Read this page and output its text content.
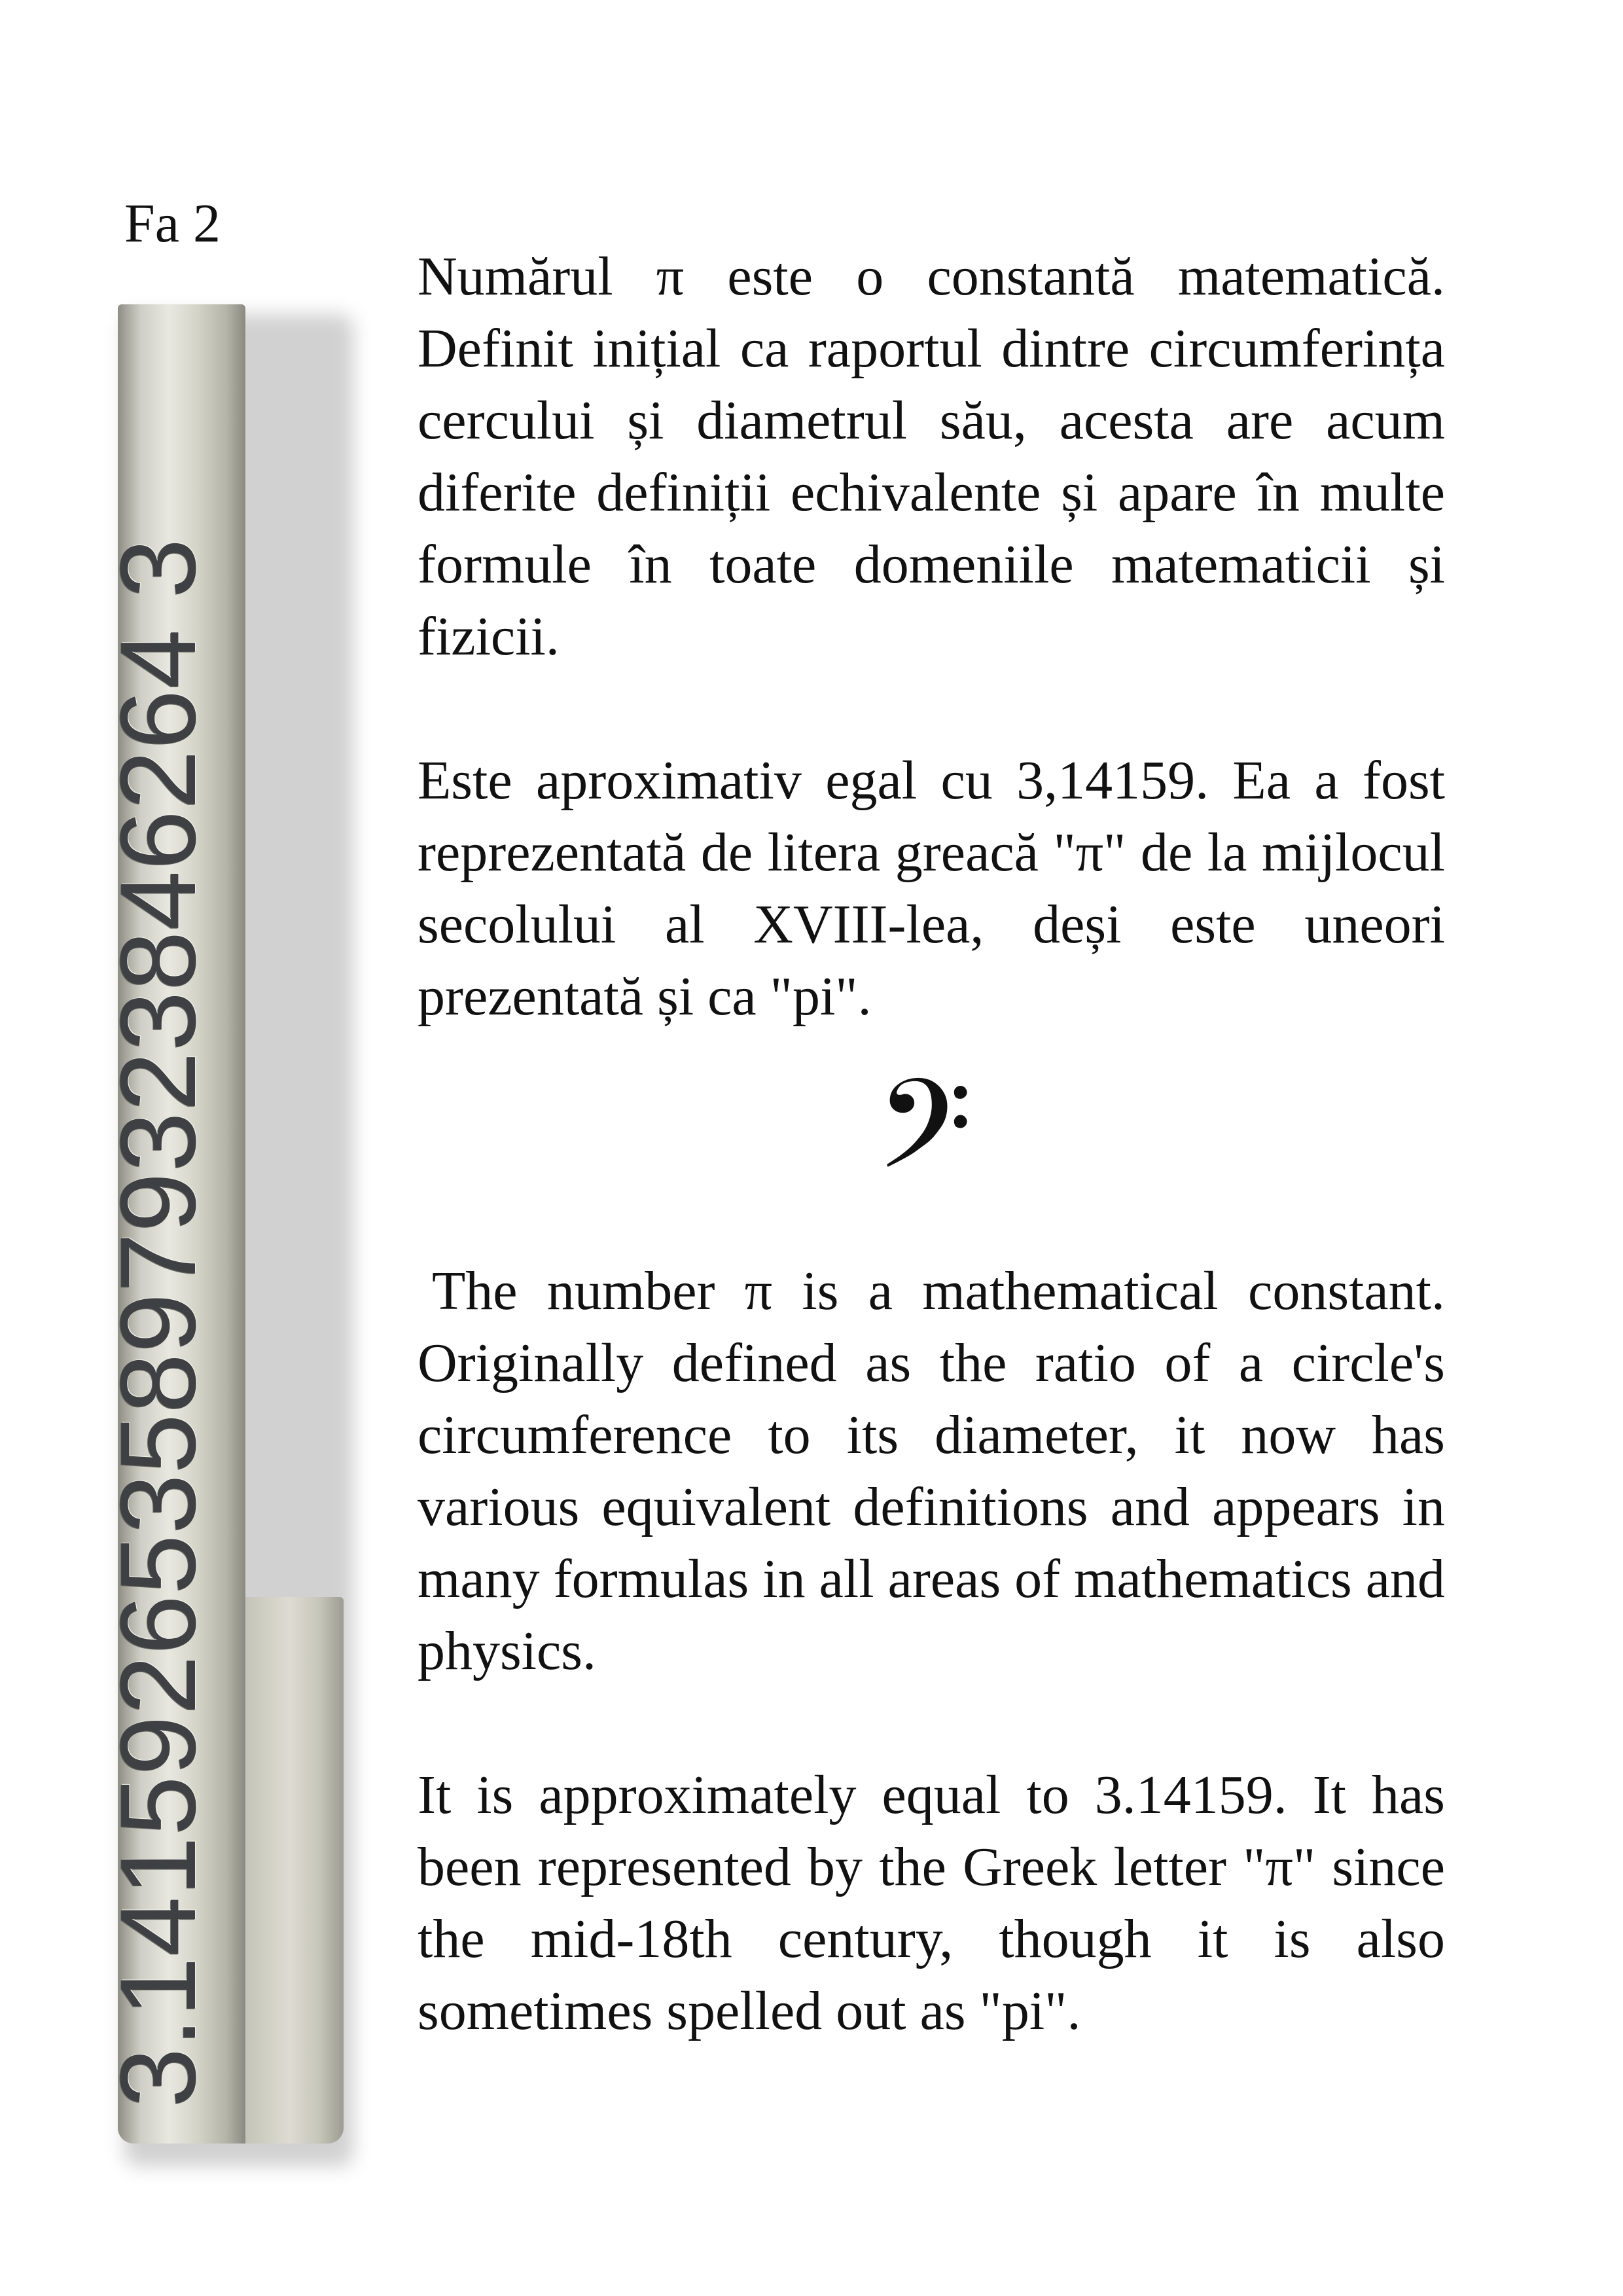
Fa 2
3.14159265358979323846264 3

Numărul π este o constantă matematică. Definit inițial ca raportul dintre circumferința cercului și diametrul său, acesta are acum diferite definiții echivalente și apare în multe formule în toate domeniile matematicii și fizicii.

Este aproximativ egal cu 3,14159. Ea a fost reprezentată de litera greacă "π" de la mijlocul secolului al XVIII-lea, deși este uneori prezentată și ca "pi".

𝄢

The number π is a mathematical constant. Originally defined as the ratio of a circle's circumference to its diameter, it now has various equivalent definitions and appears in many formulas in all areas of mathematics and physics.

It is approximately equal to 3.14159. It has been represented by the Greek letter "π" since the mid-18th century, though it is also sometimes spelled out as "pi".
